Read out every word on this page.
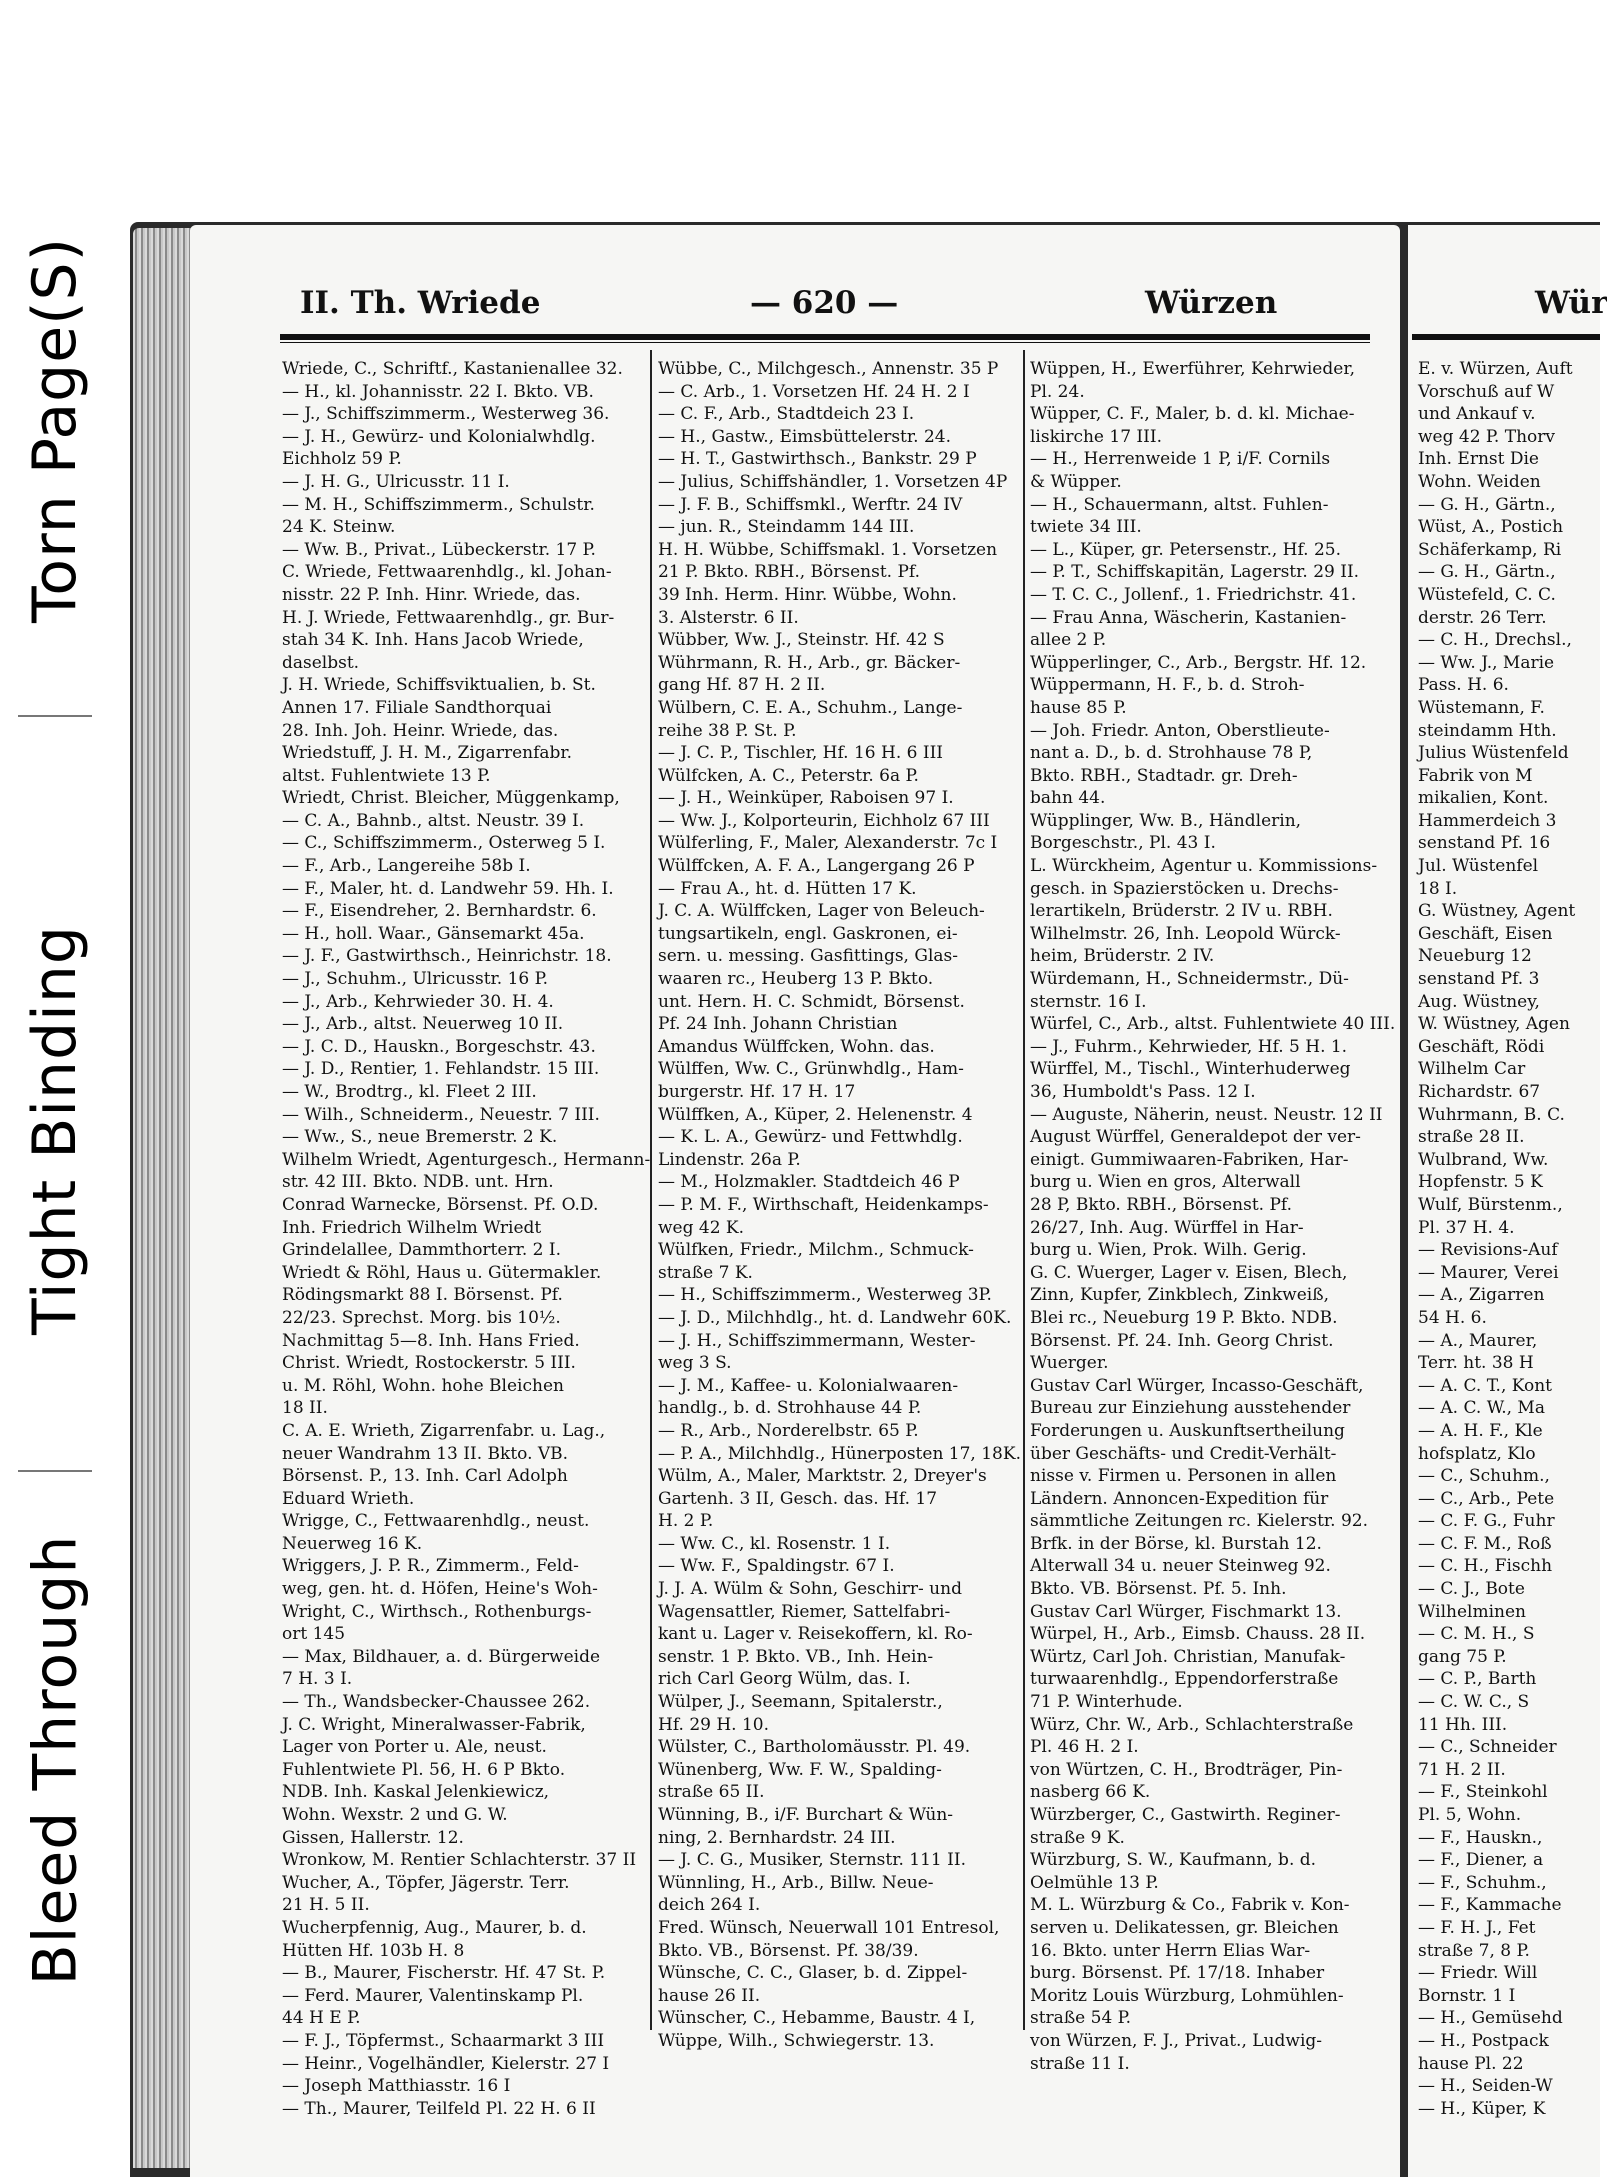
Torn Page(S)
Tight Binding
Bleed Through
II. Th. Wriede	— 620 —	Würzen	Wür
Wriede, C., Schriftf., Kastanienallee 32.
— H., kl. Johannisstr. 22 I. Bkto. VB.
— J., Schiffszimmerm., Westerweg 36.
— J. H., Gewürz- und Kolonialwhdlg.
Eichholz 59 P.
— J. H. G., Ulricusstr. 11 I.
— M. H., Schiffszimmerm., Schulstr.
24 K. Steinw.
— Ww. B., Privat., Lübeckerstr. 17 P.
C. Wriede, Fettwaarenhdlg., kl. Johan-
nisstr. 22 P. Inh. Hinr. Wriede, das.
H. J. Wriede, Fettwaarenhdlg., gr. Bur-
stah 34 K. Inh. Hans Jacob Wriede,
daselbst.
J. H. Wriede, Schiffsviktualien, b. St.
Annen 17. Filiale Sandthorquai
28. Inh. Joh. Heinr. Wriede, das.
Wriedstuff, J. H. M., Zigarrenfabr.
altst. Fuhlentwiete 13 P.
Wriedt, Christ. Bleicher, Müggenkamp,
— C. A., Bahnb., altst. Neustr. 39 I.
— C., Schiffszimmerm., Osterweg 5 I.
— F., Arb., Langereihe 58b I.
— F., Maler, ht. d. Landwehr 59. Hh. I.
— F., Eisendreher, 2. Bernhardstr. 6.
— H., holl. Waar., Gänsemarkt 45a.
— J. F., Gastwirthsch., Heinrichstr. 18.
— J., Schuhm., Ulricusstr. 16 P.
— J., Arb., Kehrwieder 30. H. 4.
— J., Arb., altst. Neuerweg 10 II.
— J. C. D., Hauskn., Borgeschstr. 43.
— J. D., Rentier, 1. Fehlandstr. 15 III.
— W., Brodtrg., kl. Fleet 2 III.
— Wilh., Schneiderm., Neuestr. 7 III.
— Ww., S., neue Bremerstr. 2 K.
Wilhelm Wriedt, Agenturgesch., Hermann-
str. 42 III. Bkto. NDB. unt. Hrn.
Conrad Warnecke, Börsenst. Pf. O.D.
Inh. Friedrich Wilhelm Wriedt
Grindelallee, Dammthorterr. 2 I.
Wriedt & Röhl, Haus u. Gütermakler.
Rödingsmarkt 88 I. Börsenst. Pf.
22/23. Sprechst. Morg. bis 10½.
Nachmittag 5—8. Inh. Hans Fried.
Christ. Wriedt, Rostockerstr. 5 III.
u. M. Röhl, Wohn. hohe Bleichen
18 II.
C. A. E. Wrieth, Zigarrenfabr. u. Lag.,
neuer Wandrahm 13 II. Bkto. VB.
Börsenst. P., 13. Inh. Carl Adolph
Eduard Wrieth.
Wrigge, C., Fettwaarenhdlg., neust.
Neuerweg 16 K.
Wriggers, J. P. R., Zimmerm., Feld-
weg, gen. ht. d. Höfen, Heine's Woh-
Wright, C., Wirthsch., Rothenburgs-
ort 145
— Max, Bildhauer, a. d. Bürgerweide
7 H. 3 I.
— Th., Wandsbecker-Chaussee 262.
J. C. Wright, Mineralwasser-Fabrik,
Lager von Porter u. Ale, neust.
Fuhlentwiete Pl. 56, H. 6 P Bkto.
NDB. Inh. Kaskal Jelenkiewicz,
Wohn. Wexstr. 2 und G. W.
Gissen, Hallerstr. 12.
Wronkow, M. Rentier Schlachterstr. 37 II
Wucher, A., Töpfer, Jägerstr. Terr.
21 H. 5 II.
Wucherpfennig, Aug., Maurer, b. d.
Hütten Hf. 103b H. 8
— B., Maurer, Fischerstr. Hf. 47 St. P.
— Ferd. Maurer, Valentinskamp Pl.
44 H E P.
— F. J., Töpfermst., Schaarmarkt 3 III
— Heinr., Vogelhändler, Kielerstr. 27 I
— Joseph Matthiasstr. 16 I
— Th., Maurer, Teilfeld Pl. 22 H. 6 II
Wübbe, C., Milchgesch., Annenstr. 35 P
— C. Arb., 1. Vorsetzen Hf. 24 H. 2 I
— C. F., Arb., Stadtdeich 23 I.
— H., Gastw., Eimsbüttelerstr. 24.
— H. T., Gastwirthsch., Bankstr. 29 P
— Julius, Schiffshändler, 1. Vorsetzen 4P
— J. F. B., Schiffsmkl., Werftr. 24 IV
— jun. R., Steindamm 144 III.
H. H. Wübbe, Schiffsmakl. 1. Vorsetzen
21 P. Bkto. RBH., Börsenst. Pf.
39 Inh. Herm. Hinr. Wübbe, Wohn.
3. Alsterstr. 6 II.
Wübber, Ww. J., Steinstr. Hf. 42 S
Wührmann, R. H., Arb., gr. Bäcker-
gang Hf. 87 H. 2 II.
Wülbern, C. E. A., Schuhm., Lange-
reihe 38 P. St. P.
— J. C. P., Tischler, Hf. 16 H. 6 III
Wülfcken, A. C., Peterstr. 6a P.
— J. H., Weinküper, Raboisen 97 I.
— Ww. J., Kolporteurin, Eichholz 67 III
Wülferling, F., Maler, Alexanderstr. 7c I
Wülffcken, A. F. A., Langergang 26 P
— Frau A., ht. d. Hütten 17 K.
J. C. A. Wülffcken, Lager von Beleuch-
tungsartikeln, engl. Gaskronen, ei-
sern. u. messing. Gasfittings, Glas-
waaren rc., Heuberg 13 P. Bkto.
unt. Hern. H. C. Schmidt, Börsenst.
Pf. 24 Inh. Johann Christian
Amandus Wülffcken, Wohn. das.
Wülffen, Ww. C., Grünwhdlg., Ham-
burgerstr. Hf. 17 H. 17
Wülffken, A., Küper, 2. Helenenstr. 4
— K. L. A., Gewürz- und Fettwhdlg.
Lindenstr. 26a P.
— M., Holzmakler. Stadtdeich 46 P
— P. M. F., Wirthschaft, Heidenkamps-
weg 42 K.
Wülfken, Friedr., Milchm., Schmuck-
straße 7 K.
— H., Schiffszimmerm., Westerweg 3P.
— J. D., Milchhdlg., ht. d. Landwehr 60K.
— J. H., Schiffszimmermann, Wester-
weg 3 S.
— J. M., Kaffee- u. Kolonialwaaren-
handlg., b. d. Strohhause 44 P.
— R., Arb., Norderelbstr. 65 P.
— P. A., Milchhdlg., Hünerposten 17, 18K.
Wülm, A., Maler, Marktstr. 2, Dreyer's
Gartenh. 3 II, Gesch. das. Hf. 17
H. 2 P.
— Ww. C., kl. Rosenstr. 1 I.
— Ww. F., Spaldingstr. 67 I.
J. J. A. Wülm & Sohn, Geschirr- und
Wagensattler, Riemer, Sattelfabri-
kant u. Lager v. Reisekoffern, kl. Ro-
senstr. 1 P. Bkto. VB., Inh. Hein-
rich Carl Georg Wülm, das. I.
Wülper, J., Seemann, Spitalerstr.,
Hf. 29 H. 10.
Wülster, C., Bartholomäusstr. Pl. 49.
Wünenberg, Ww. F. W., Spalding-
straße 65 II.
Wünning, B., i/F. Burchart & Wün-
ning, 2. Bernhardstr. 24 III.
— J. C. G., Musiker, Sternstr. 111 II.
Wünnling, H., Arb., Billw. Neue-
deich 264 I.
Fred. Wünsch, Neuerwall 101 Entresol,
Bkto. VB., Börsenst. Pf. 38/39.
Wünsche, C. C., Glaser, b. d. Zippel-
hause 26 II.
Wünscher, C., Hebamme, Baustr. 4 I,
Wüppe, Wilh., Schwiegerstr. 13.
Wüppen, H., Ewerführer, Kehrwieder,
Pl. 24.
Wüpper, C. F., Maler, b. d. kl. Michae-
liskirche 17 III.
— H., Herrenweide 1 P, i/F. Cornils
& Wüpper.
— H., Schauermann, altst. Fuhlen-
twiete 34 III.
— L., Küper, gr. Petersenstr., Hf. 25.
— P. T., Schiffskapitän, Lagerstr. 29 II.
— T. C. C., Jollenf., 1. Friedrichstr. 41.
— Frau Anna, Wäscherin, Kastanien-
allee 2 P.
Wüpperlinger, C., Arb., Bergstr. Hf. 12.
Wüppermann, H. F., b. d. Stroh-
hause 85 P.
— Joh. Friedr. Anton, Oberstlieute-
nant a. D., b. d. Strohhause 78 P,
Bkto. RBH., Stadtadr. gr. Dreh-
bahn 44.
Wüpplinger, Ww. B., Händlerin,
Borgeschstr., Pl. 43 I.
L. Würckheim, Agentur u. Kommissions-
gesch. in Spazierstöcken u. Drechs-
lerartikeln, Brüderstr. 2 IV u. RBH.
Wilhelmstr. 26, Inh. Leopold Würck-
heim, Brüderstr. 2 IV.
Würdemann, H., Schneidermstr., Dü-
sternstr. 16 I.
Würfel, C., Arb., altst. Fuhlentwiete 40 III.
— J., Fuhrm., Kehrwieder, Hf. 5 H. 1.
Würffel, M., Tischl., Winterhuderweg
36, Humboldt's Pass. 12 I.
— Auguste, Näherin, neust. Neustr. 12 II
August Würffel, Generaldepot der ver-
einigt. Gummiwaaren-Fabriken, Har-
burg u. Wien en gros, Alterwall
28 P, Bkto. RBH., Börsenst. Pf.
26/27, Inh. Aug. Würffel in Har-
burg u. Wien, Prok. Wilh. Gerig.
G. C. Wuerger, Lager v. Eisen, Blech,
Zinn, Kupfer, Zinkblech, Zinkweiß,
Blei rc., Neueburg 19 P. Bkto. NDB.
Börsenst. Pf. 24. Inh. Georg Christ.
Wuerger.
Gustav Carl Würger, Incasso-Geschäft,
Bureau zur Einziehung ausstehender
Forderungen u. Auskunftsertheilung
über Geschäfts- und Credit-Verhält-
nisse v. Firmen u. Personen in allen
Ländern. Annoncen-Expedition für
sämmtliche Zeitungen rc. Kielerstr. 92.
Brfk. in der Börse, kl. Burstah 12.
Alterwall 34 u. neuer Steinweg 92.
Bkto. VB. Börsenst. Pf. 5. Inh.
Gustav Carl Würger, Fischmarkt 13.
Würpel, H., Arb., Eimsb. Chauss. 28 II.
Würtz, Carl Joh. Christian, Manufak-
turwaarenhdlg., Eppendorferstraße
71 P. Winterhude.
Würz, Chr. W., Arb., Schlachterstraße
Pl. 46 H. 2 I.
von Würtzen, C. H., Brodträger, Pin-
nasberg 66 K.
Würzberger, C., Gastwirth. Reginer-
straße 9 K.
Würzburg, S. W., Kaufmann, b. d.
Oelmühle 13 P.
M. L. Würzburg & Co., Fabrik v. Kon-
serven u. Delikatessen, gr. Bleichen
16. Bkto. unter Herrn Elias War-
burg. Börsenst. Pf. 17/18. Inhaber
Moritz Louis Würzburg, Lohmühlen-
straße 54 P.
von Würzen, F. J., Privat., Ludwig-
straße 11 I.
E. v. Würzen, Auft
Vorschuß auf W
und Ankauf v.
weg 42 P. Thorv
Inh. Ernst Die
Wohn. Weiden
— G. H., Gärtn.,
Wüst, A., Postich
Schäferkamp, Ri
— G. H., Gärtn.,
Wüstefeld, C. C.
derstr. 26 Terr.
— C. H., Drechsl.,
— Ww. J., Marie
Pass. H. 6.
Wüstemann, F.
steindamm Hth.
Julius Wüstenfeld
Fabrik von M
mikalien, Kont.
Hammerdeich 3
senstand Pf. 16
Jul. Wüstenfel
18 I.
G. Wüstney, Agent
Geschäft, Eisen
Neueburg 12
senstand Pf. 3
Aug. Wüstney,
W. Wüstney, Agen
Geschäft, Rödi
Wilhelm Car
Richardstr. 67
Wuhrmann, B. C.
straße 28 II.
Wulbrand, Ww.
Hopfenstr. 5 K
Wulf, Bürstenm.,
Pl. 37 H. 4.
— Revisions-Auf
— Maurer, Verei
— A., Zigarren
54 H. 6.
— A., Maurer,
Terr. ht. 38 H
— A. C. T., Kont
— A. C. W., Ma
— A. H. F., Kle
hofsplatz, Klo
— C., Schuhm.,
— C., Arb., Pete
— C. F. G., Fuhr
— C. F. M., Roß
— C. H., Fischh
— C. J., Bote
Wilhelminen
— C. M. H., S
gang 75 P.
— C. P., Barth
— C. W. C., S
11 Hh. III.
— C., Schneider
71 H. 2 II.
— F., Steinkohl
Pl. 5, Wohn.
— F., Hauskn.,
— F., Diener, a
— F., Schuhm.,
— F., Kammache
— F. H. J., Fet
straße 7, 8 P.
— Friedr. Will
Bornstr. 1 I
— H., Gemüsehd
— H., Postpack
hause Pl. 22
— H., Seiden-W
— H., Küper, K
